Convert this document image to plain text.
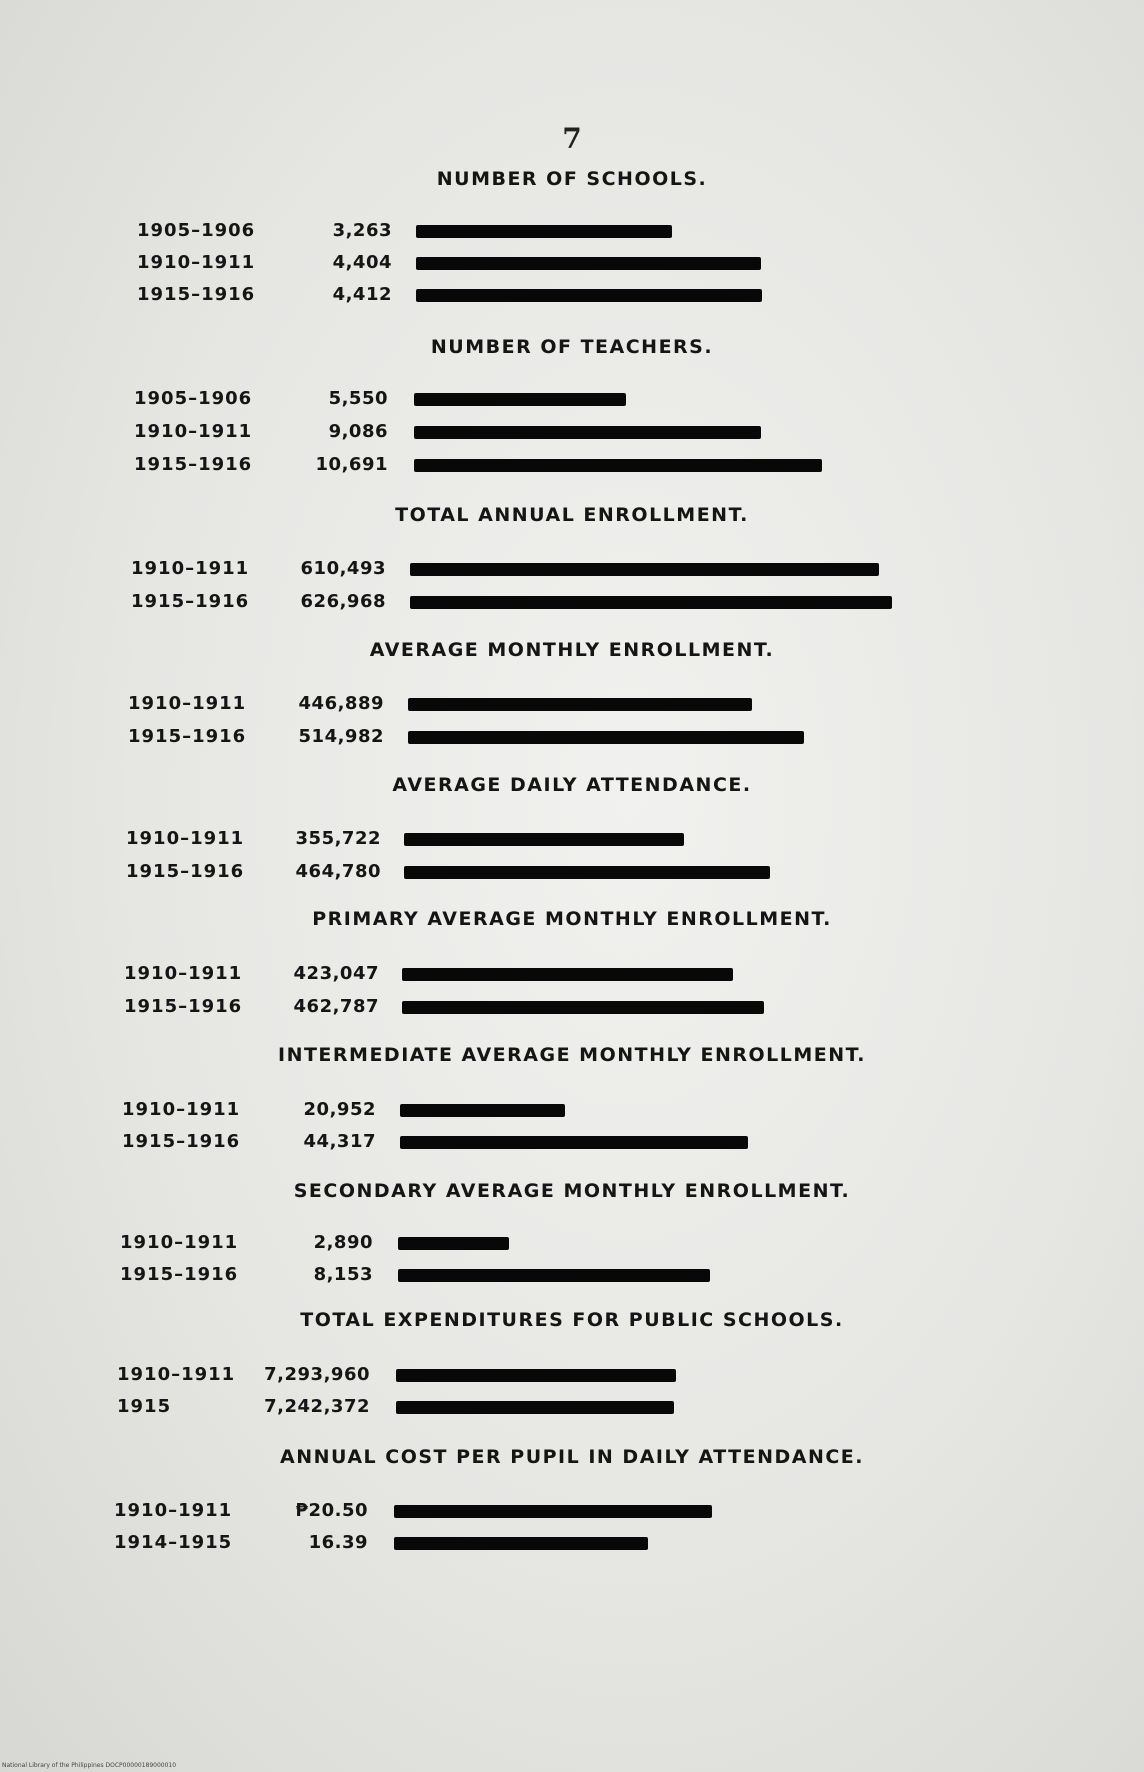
7
NUMBER OF SCHOOLS.
1905–1906	3,263
1910–1911	4,404
1915–1916	4,412
NUMBER OF TEACHERS.
1905–1906	5,550
1910–1911	9,086
1915–1916	10,691
TOTAL ANNUAL ENROLLMENT.
1910–1911	610,493
1915–1916	626,968
AVERAGE MONTHLY ENROLLMENT.
1910–1911	446,889
1915–1916	514,982
AVERAGE DAILY ATTENDANCE.
1910–1911	355,722
1915–1916	464,780
PRIMARY AVERAGE MONTHLY ENROLLMENT.
1910–1911	423,047
1915–1916	462,787
INTERMEDIATE AVERAGE MONTHLY ENROLLMENT.
1910–1911	20,952
1915–1916	44,317
SECONDARY AVERAGE MONTHLY ENROLLMENT.
1910–1911	2,890
1915–1916	8,153
TOTAL EXPENDITURES FOR PUBLIC SCHOOLS.
1910–1911	7,293,960
1915	7,242,372
ANNUAL COST PER PUPIL IN DAILY ATTENDANCE.
1910–1911	₱20.50
1914–1915	16.39
National Library of the Philippines DOCP00000189000010
